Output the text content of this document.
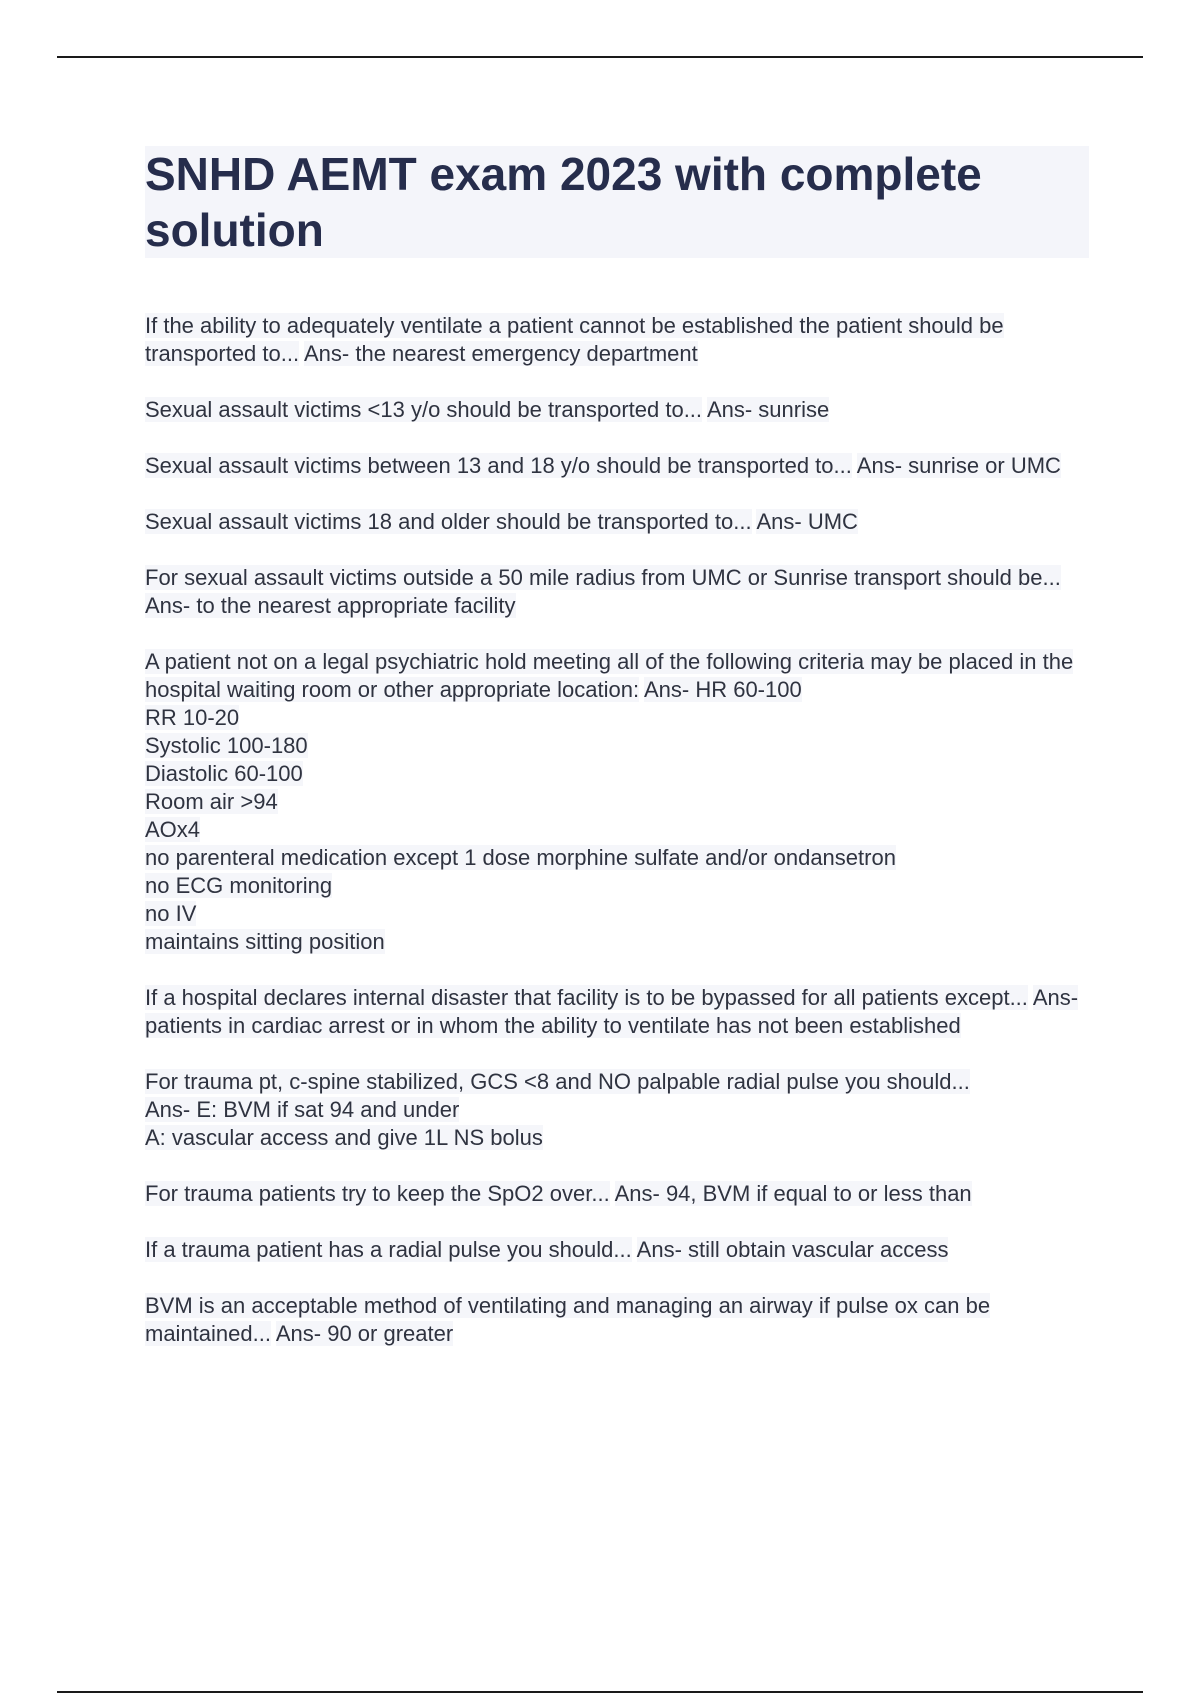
SNHD AEMT exam 2023 with complete solution

If the ability to adequately ventilate a patient cannot be established the patient should be transported to... Ans- the nearest emergency department

Sexual assault victims <13 y/o should be transported to... Ans- sunrise

Sexual assault victims between 13 and 18 y/o should be transported to... Ans- sunrise or UMC

Sexual assault victims 18 and older should be transported to... Ans- UMC

For sexual assault victims outside a 50 mile radius from UMC or Sunrise transport should be... Ans- to the nearest appropriate facility

A patient not on a legal psychiatric hold meeting all of the following criteria may be placed in the hospital waiting room or other appropriate location: Ans- HR 60-100
RR 10-20
Systolic 100-180
Diastolic 60-100
Room air >94
AOx4
no parenteral medication except 1 dose morphine sulfate and/or ondansetron
no ECG monitoring
no IV
maintains sitting position

If a hospital declares internal disaster that facility is to be bypassed for all patients except... Ans- patients in cardiac arrest or in whom the ability to ventilate has not been established

For trauma pt, c-spine stabilized, GCS <8 and NO palpable radial pulse you should...
Ans- E: BVM if sat 94 and under
A: vascular access and give 1L NS bolus

For trauma patients try to keep the SpO2 over... Ans- 94, BVM if equal to or less than

If a trauma patient has a radial pulse you should... Ans- still obtain vascular access

BVM is an acceptable method of ventilating and managing an airway if pulse ox can be maintained... Ans- 90 or greater
